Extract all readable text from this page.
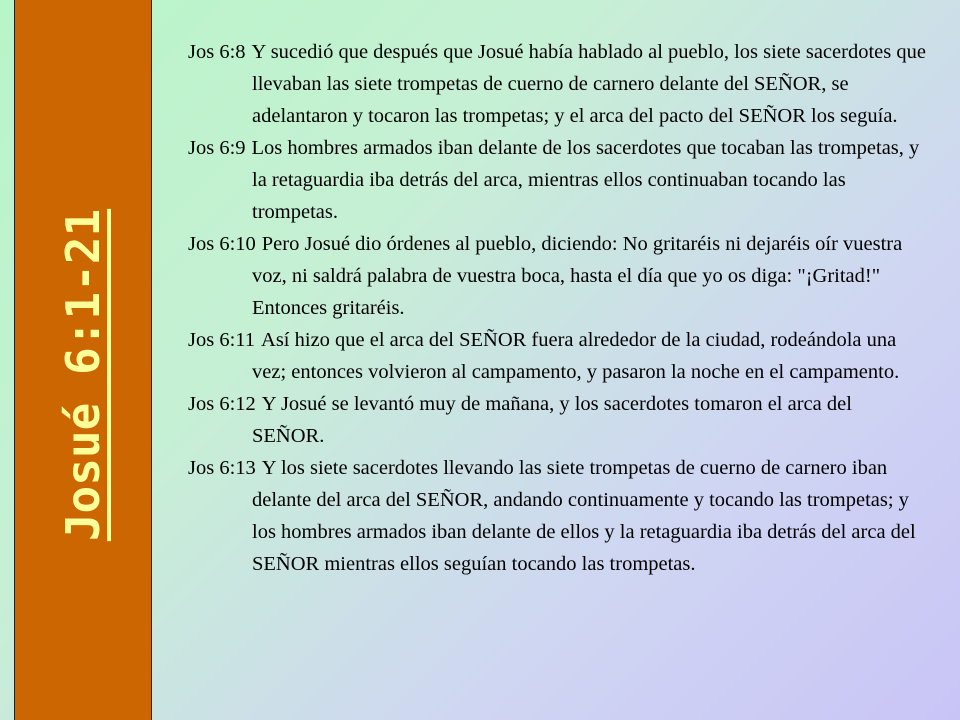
Josué 6:1-21

Jos 6:8 Y sucedió que después que Josué había hablado al pueblo, los siete sacerdotes que llevaban las siete trompetas de cuerno de carnero delante del SEÑOR, se adelantaron y tocaron las trompetas; y el arca del pacto del SEÑOR los seguía.

Jos 6:9 Los hombres armados iban delante de los sacerdotes que tocaban las trompetas, y la retaguardia iba detrás del arca, mientras ellos continuaban tocando las trompetas.

Jos 6:10 Pero Josué dio órdenes al pueblo, diciendo: No gritaréis ni dejaréis oír vuestra voz, ni saldrá palabra de vuestra boca, hasta el día que yo os diga: "¡Gritad!" Entonces gritaréis.

Jos 6:11 Así hizo que el arca del SEÑOR fuera alrededor de la ciudad, rodeándola una vez; entonces volvieron al campamento, y pasaron la noche en el campamento.

Jos 6:12 Y Josué se levantó muy de mañana, y los sacerdotes tomaron el arca del SEÑOR.

Jos 6:13 Y los siete sacerdotes llevando las siete trompetas de cuerno de carnero iban delante del arca del SEÑOR, andando continuamente y tocando las trompetas; y los hombres armados iban delante de ellos y la retaguardia iba detrás del arca del SEÑOR mientras ellos seguían tocando las trompetas.
